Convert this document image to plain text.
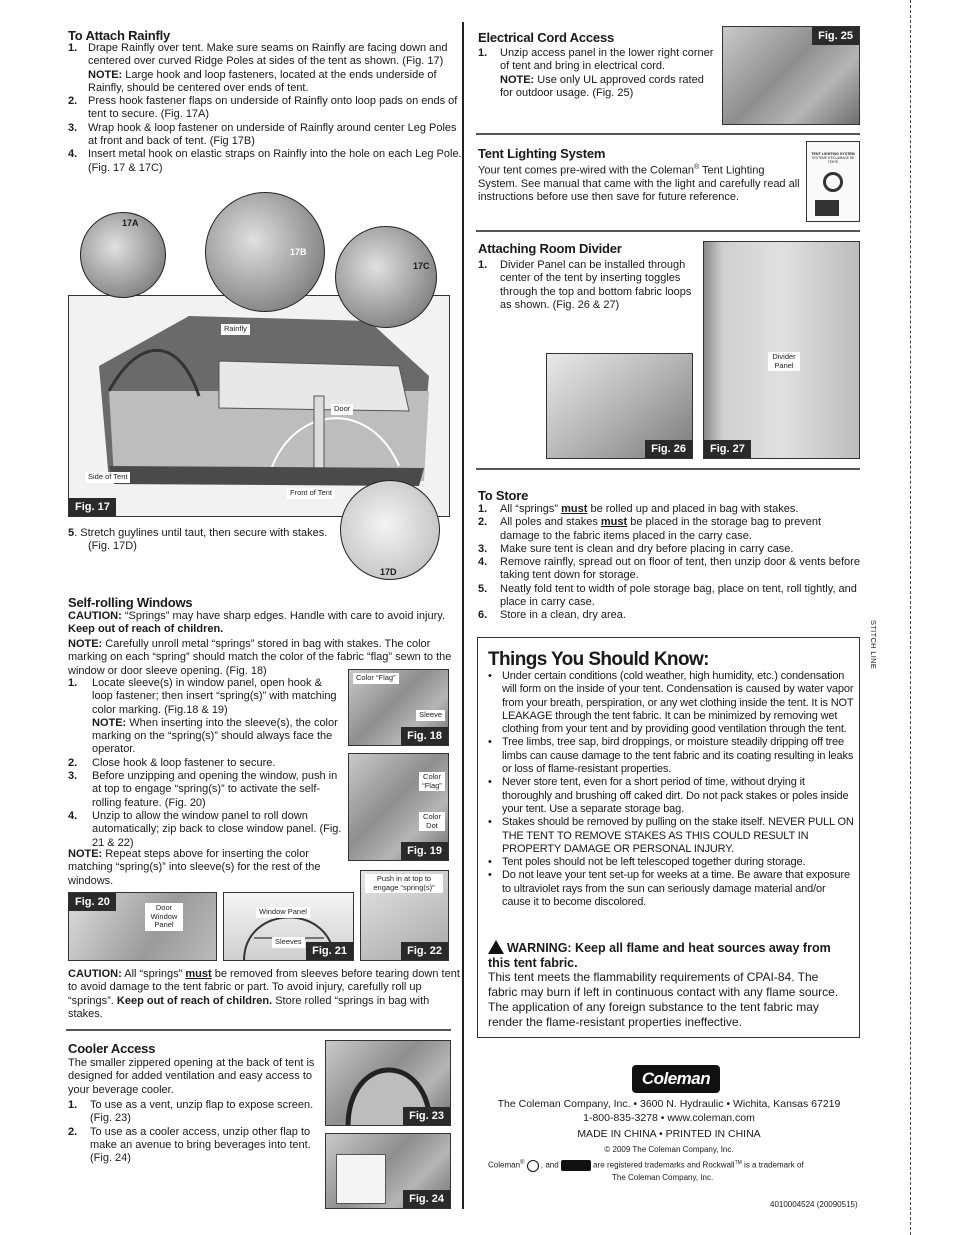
To Attach Rainfly
1. Drape Rainfly over tent. Make sure seams on Rainfly are facing down and centered over curved Ridge Poles at sides of the tent as shown. (Fig. 17)
NOTE: Large hook and loop fasteners, located at the ends underside of Rainfly, should be centered over ends of tent.
2. Press hook fastener flaps on underside of Rainfly onto loop pads on ends of tent to secure. (Fig. 17A)
3. Wrap hook & loop fastener on underside of Rainfly around center Leg Poles at front and back of tent. (Fig 17B)
4. Insert metal hook on elastic straps on Rainfly into the hole on each Leg Pole. (Fig. 17 & 17C)
Rainfly
Door
Side of Tent
Front of Tent
Fig. 17
17A
17B
17C
17D
5. Stretch guylines until taut, then secure with stakes. (Fig. 17D)
Self-rolling Windows
CAUTION: “Springs” may have sharp edges. Handle with care to avoid injury.
Keep out of reach of children.
NOTE: Carefully unroll metal “springs” stored in bag with stakes. The color marking on each “spring” should match the color of the fabric “flag” sewn to the window or door sleeve opening. (Fig. 18)
1. Locate sleeve(s) in window panel, open hook & loop fastener; then insert “spring(s)” with matching color marking. (Fig.18 & 19)
NOTE: When inserting into the sleeve(s), the color marking on the “spring(s)” should always face the operator.
2. Close hook & loop fastener to secure.
3. Before unzipping and opening the window, push in at top to engage “spring(s)” to activate the self-rolling feature. (Fig. 20)
4. Unzip to allow the window panel to roll down automatically; zip back to close window panel. (Fig. 21 & 22)
NOTE: Repeat steps above for inserting the color matching “spring(s)” into sleeve(s) for the rest of the windows.
Color “Flag”
Sleeve
Fig. 18
Color “Flag”
Color Dot
Fig. 19
Fig. 20	Door Window Panel
Window Panel
Sleeves
Fig. 21
Push in at top to engage “spring(s)”
Fig. 22
CAUTION: All “springs” must be removed from sleeves before tearing down tent to avoid damage to the tent fabric or part. To avoid injury, carefully roll up “springs”. Keep out of reach of children. Store rolled “springs in bag with stakes.
Cooler Access
The smaller zippered opening at the back of tent is designed for added ventilation and easy access to your beverage cooler.
1. To use as a vent, unzip flap to expose screen. (Fig. 23)
2. To use as a cooler access, unzip other flap to make an avenue to bring beverages into tent. (Fig. 24)
Fig. 23
Fig. 24
Electrical Cord Access
1. Unzip access panel in the lower right corner of tent and bring in electrical cord.
NOTE: Use only UL approved cords rated for outdoor usage. (Fig. 25)
Fig. 25
Tent Lighting System
Your tent comes pre-wired with the Coleman® Tent Lighting System. See manual that came with the light and carefully read all instructions before use then save for future reference.
TENT LIGHTING SYSTEM
SYSTEME D'ECLAIRAGE DE TENTE
Attaching Room Divider
1. Divider Panel can be installed through center of the tent by inserting toggles through the top and bottom fabric loops as shown. (Fig. 26 & 27)
Fig. 26
Divider Panel
Fig. 27
To Store
1. All “springs” must be rolled up and placed in bag with stakes.
2. All poles and stakes must be placed in the storage bag to prevent damage to the fabric items placed in the carry case.
3. Make sure tent is clean and dry before placing in carry case.
4. Remove rainfly, spread out on floor of tent, then unzip door & vents before taking tent down for storage.
5. Neatly fold tent to width of pole storage bag, place on tent, roll tightly, and place in carry case.
6. Store in a clean, dry area.
Things You Should Know:
• Under certain conditions (cold weather, high humidity, etc.) condensation will form on the inside of your tent. Condensation is caused by water vapor from your breath, perspiration, or any wet clothing inside the tent. It is NOT LEAKAGE through the tent fabric. It can be minimized by removing wet clothing from your tent and by providing good ventilation through the tent.
• Tree limbs, tree sap, bird droppings, or moisture steadily dripping off tree limbs can cause damage to the tent fabric and its coating resulting in leaks or loss of flame-resistant properties.
• Never store tent, even for a short period of time, without drying it thoroughly and brushing off caked dirt. Do not pack stakes or poles inside your tent. Use a separate storage bag.
• Stakes should be removed by pulling on the stake itself. NEVER PULL ON THE TENT TO REMOVE STAKES AS THIS COULD RESULT IN PROPERTY DAMAGE OR PERSONAL INJURY.
• Tent poles should not be left telescoped together during storage.
• Do not leave your tent set-up for weeks at a time. Be aware that exposure to ultraviolet rays from the sun can seriously damage material and/or cause it to become discolored.
WARNING: Keep all flame and heat sources away from this tent fabric.
This tent meets the flammability requirements of CPAI-84. The fabric may burn if left in continuous contact with any flame source. The application of any foreign substance to the tent fabric may render the flame-resistant properties ineffective.
Coleman
The Coleman Company, Inc. • 3600 N. Hydraulic • Wichita, Kansas 67219
1-800-835-3278 • www.coleman.com
MADE IN CHINA • PRINTED IN CHINA
© 2009 The Coleman Company, Inc.
Coleman® , and	are registered trademarks and Rockwall™ is a trademark of
The Coleman Company, Inc.
4010004524 (20090515)
STITCH LINE
